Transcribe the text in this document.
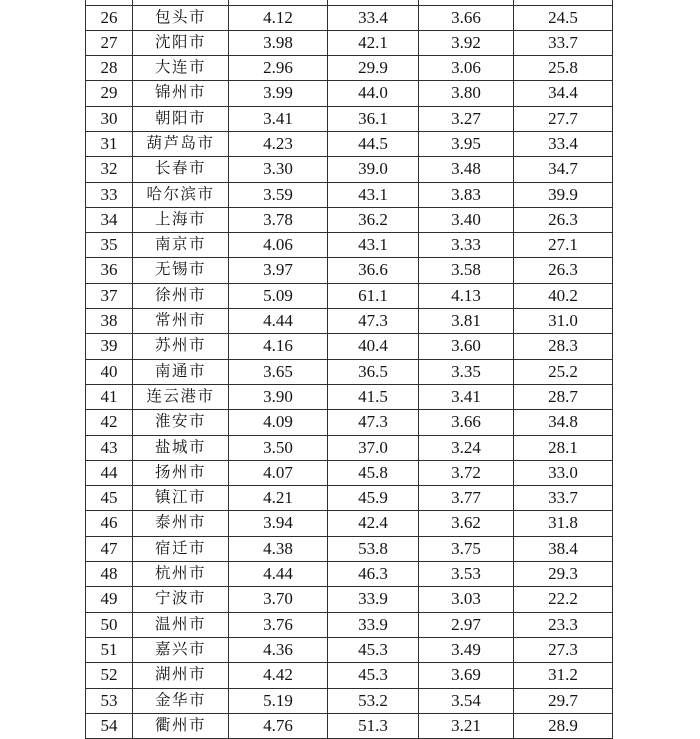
26	包头市	4.12	33.4	3.66	24.5
27	沈阳市	3.98	42.1	3.92	33.7
28	大连市	2.96	29.9	3.06	25.8
29	锦州市	3.99	44.0	3.80	34.4
30	朝阳市	3.41	36.1	3.27	27.7
31	葫芦岛市	4.23	44.5	3.95	33.4
32	长春市	3.30	39.0	3.48	34.7
33	哈尔滨市	3.59	43.1	3.83	39.9
34	上海市	3.78	36.2	3.40	26.3
35	南京市	4.06	43.1	3.33	27.1
36	无锡市	3.97	36.6	3.58	26.3
37	徐州市	5.09	61.1	4.13	40.2
38	常州市	4.44	47.3	3.81	31.0
39	苏州市	4.16	40.4	3.60	28.3
40	南通市	3.65	36.5	3.35	25.2
41	连云港市	3.90	41.5	3.41	28.7
42	淮安市	4.09	47.3	3.66	34.8
43	盐城市	3.50	37.0	3.24	28.1
44	扬州市	4.07	45.8	3.72	33.0
45	镇江市	4.21	45.9	3.77	33.7
46	泰州市	3.94	42.4	3.62	31.8
47	宿迁市	4.38	53.8	3.75	38.4
48	杭州市	4.44	46.3	3.53	29.3
49	宁波市	3.70	33.9	3.03	22.2
50	温州市	3.76	33.9	2.97	23.3
51	嘉兴市	4.36	45.3	3.49	27.3
52	湖州市	4.42	45.3	3.69	31.2
53	金华市	5.19	53.2	3.54	29.7
54	衢州市	4.76	51.3	3.21	28.9
